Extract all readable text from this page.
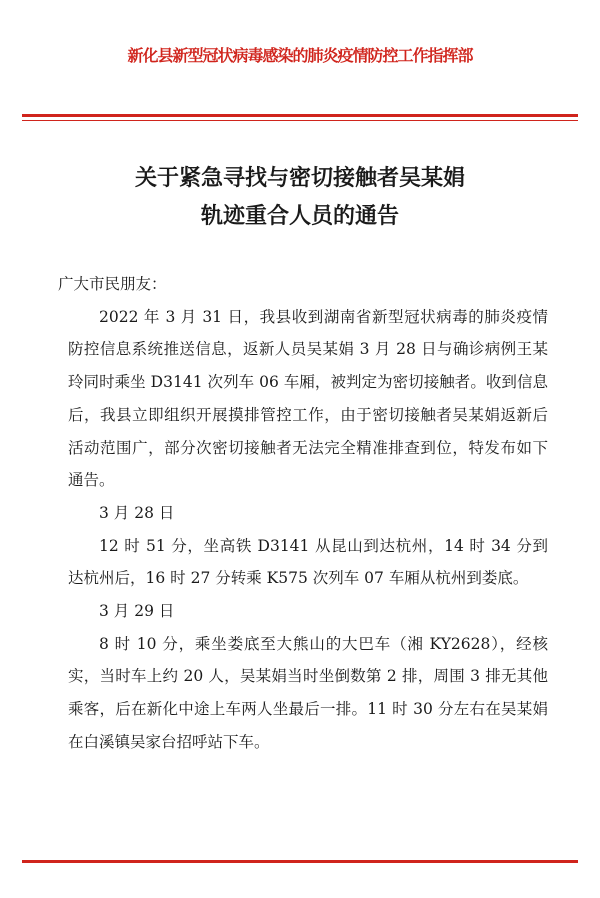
新化县新型冠状病毒感染的肺炎疫情防控工作指挥部
关于紧急寻找与密切接触者吴某娟
轨迹重合人员的通告

广大市民朋友：

2022 年 3 月 31 日，我县收到湖南省新型冠状病毒的肺炎疫情防控信息系统推送信息，返新人员吴某娟 3 月 28 日与确诊病例王某玲同时乘坐 D3141 次列车 06 车厢，被判定为密切接触者。收到信息后，我县立即组织开展摸排管控工作，由于密切接触者吴某娟返新后活动范围广，部分次密切接触者无法完全精准排查到位，特发布如下通告。

3 月 28 日

12 时 51 分，坐高铁 D3141 从昆山到达杭州，14 时 34 分到达杭州后，16 时 27 分转乘 K575 次列车 07 车厢从杭州到娄底。

3 月 29 日

8 时 10 分，乘坐娄底至大熊山的大巴车（湘 KY2628），经核实，当时车上约 20 人，吴某娟当时坐倒数第 2 排，周围 3 排无其他乘客，后在新化中途上车两人坐最后一排。11 时 30 分左右在吴某娟在白溪镇吴家台招呼站下车。
